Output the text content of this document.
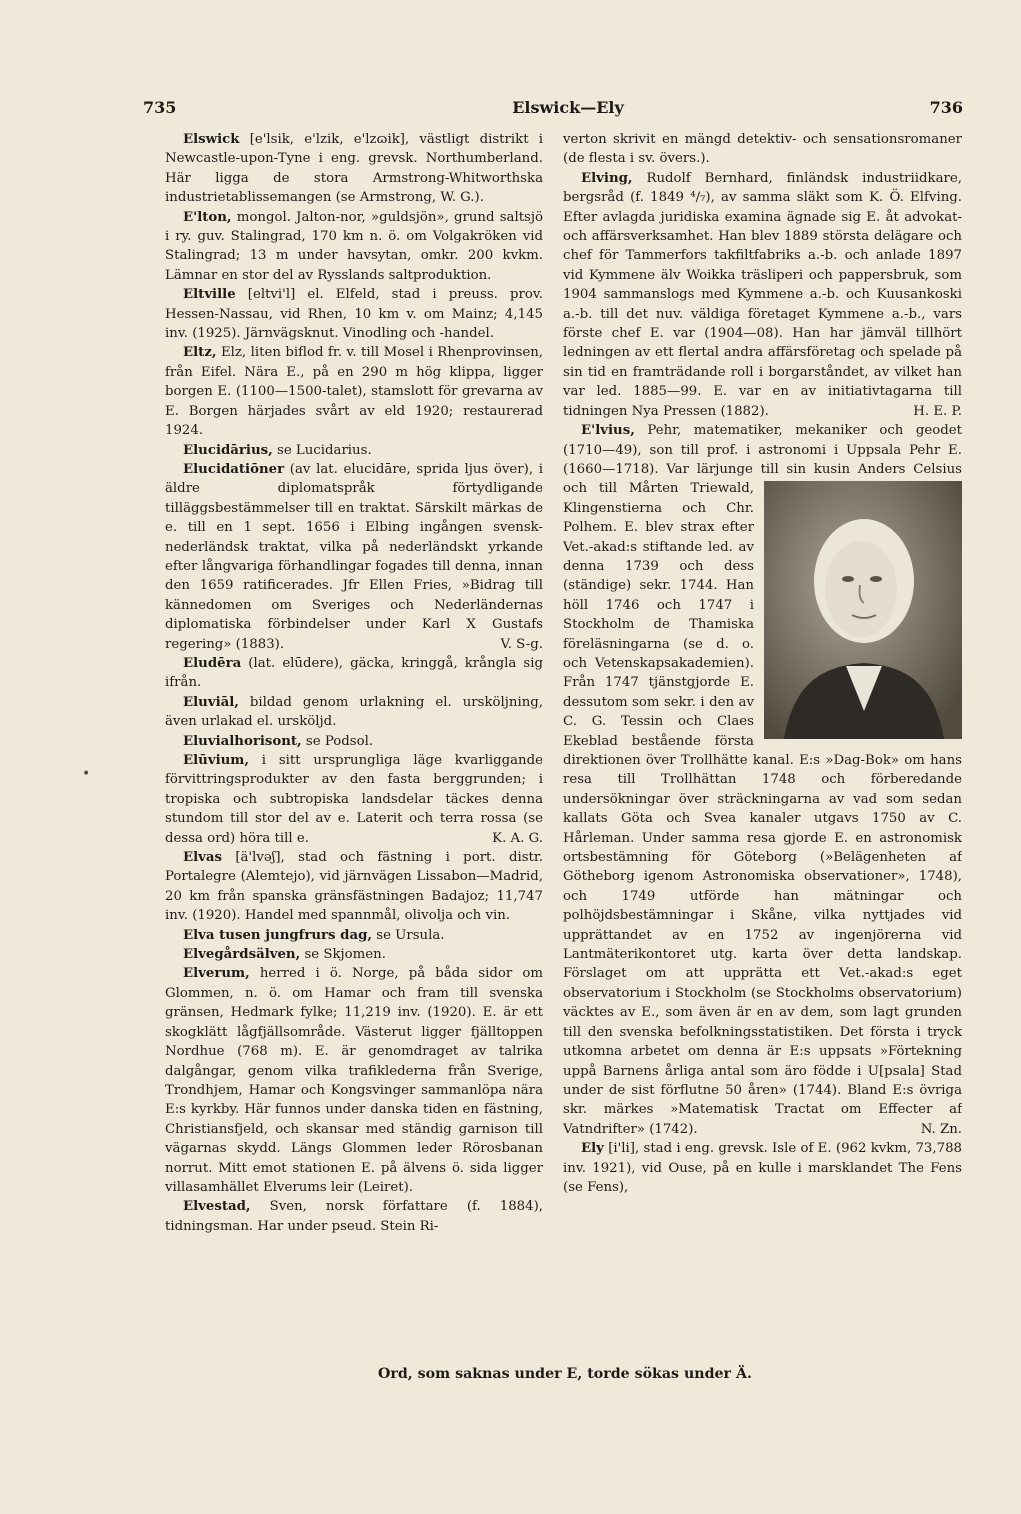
735	Elswick—Ely	736
•

Elswick [e'lsik, e'lzik, e'lzɷik], västligt distrikt i Newcastle-upon-Tyne i eng. grevsk. Northumberland. Här ligga de stora Armstrong-Whitworthska industrietablissemangen (se Armstrong, W. G.).

E'lton, mongol. Jalton-nor, »guldsjön», grund saltsjö i ry. guv. Stalingrad, 170 km n. ö. om Volgakröken vid Stalingrad; 13 m under havsytan, omkr. 200 kvkm. Lämnar en stor del av Rysslands saltproduktion.

Eltville [eltvi'l] el. Elfeld, stad i preuss. prov. Hessen-Nassau, vid Rhen, 10 km v. om Mainz; 4,145 inv. (1925). Järnvägsknut. Vinodling och -handel.

Eltz, Elz, liten biflod fr. v. till Mosel i Rhenprovinsen, från Eifel. Nära E., på en 290 m hög klippa, ligger borgen E. (1100—1500-talet), stamslott för grevarna av E. Borgen härjades svårt av eld 1920; restaurerad 1924.

Elucidārius, se Lucidarius.

Elucidatiōner (av lat. elucidāre, sprida ljus över), i äldre diplomatspråk förtydligande tilläggsbestämmelser till en traktat. Särskilt märkas de e. till en 1 sept. 1656 i Elbing ingången svensk-nederländsk traktat, vilka på nederländskt yrkande efter långvariga förhandlingar fogades till denna, innan den 1659 ratificerades. Jfr Ellen Fries, »Bidrag till kännedomen om Sveriges och Nederländernas diplomatiska förbindelser under Karl X Gustafs regering» (1883).	V. S-g.

Eludēra (lat. elūdere), gäcka, kringgå, krångla sig ifrån.

Eluviāl, bildad genom urlakning el. ursköljning, även urlakad el. ursköljd.

Eluvialhorisont, se Podsol.

Elūvium, i sitt ursprungliga läge kvarliggande förvittringsprodukter av den fasta berggrunden; i tropiska och subtropiska landsdelar täckes denna stundom till stor del av e. Laterit och terra rossa (se dessa ord) höra till e.	K. A. G.

Elvas [ä'lvəʃ], stad och fästning i port. distr. Portalegre (Alemtejo), vid järnvägen Lissabon—Madrid, 20 km från spanska gränsfästningen Badajoz; 11,747 inv. (1920). Handel med spannmål, olivolja och vin.

Elva tusen jungfrurs dag, se Ursula.

Elvegårdsälven, se Skjomen.

Elverum, herred i ö. Norge, på båda sidor om Glommen, n. ö. om Hamar och fram till svenska gränsen, Hedmark fylke; 11,219 inv. (1920). E. är ett skogklätt lågfjällsområde. Västerut ligger fjälltoppen Nordhue (768 m). E. är genomdraget av talrika dalgångar, genom vilka trafiklederna från Sverige, Trondhjem, Hamar och Kongsvinger sammanlöpa nära E:s kyrkby. Här funnos under danska tiden en fästning, Christiansfjeld, och skansar med ständig garnison till vägarnas skydd. Längs Glommen leder Rörosbanan norrut. Mitt emot stationen E. på älvens ö. sida ligger villasamhället Elverums leir (Leiret).

Elvestad, Sven, norsk författare (f. 1884), tidningsman. Har under pseud. Stein Ri-

verton skrivit en mängd detektiv- och sensationsromaner (de flesta i sv. övers.).

Elving, Rudolf Bernhard, finländsk industriidkare, bergsråd (f. 1849 ⁴/₇), av samma släkt som K. Ö. Elfving. Efter avlagda juridiska examina ägnade sig E. åt advokat- och affärsverksamhet. Han blev 1889 största delägare och chef för Tammerfors takfiltfabriks a.-b. och anlade 1897 vid Kymmene älv Woikka träsliperi och pappersbruk, som 1904 sammanslogs med Kymmene a.-b. och Kuusankoski a.-b. till det nuv. väldiga företaget Kymmene a.-b., vars förste chef E. var (1904—08). Han har jämväl tillhört ledningen av ett flertal andra affärsföretag och spelade på sin tid en framträdande roll i borgarståndet, av vilket han var led. 1885—99. E. var en av initiativtagarna till tidningen Nya Pressen (1882).	H. E. P.

E'lvius, Pehr, matematiker, mekaniker och geodet (1710—49), son till prof. i astronomi i Uppsala Pehr E. (1660—1718). Var lärjunge till sin kusin Anders Celsius och till Mårten Triewald,
Klingenstierna och Chr. Polhem. E. blev strax efter Vet.-akad:s stiftande led. av denna 1739 och dess (ständige) sekr. 1744. Han höll 1746 och 1747 i Stockholm de Thamiska föreläsningarna (se d. o. och Vetenskapsakademien). Från 1747 tjänstgjorde E. dessutom som sekr. i den av C. G. Tessin och Claes Ekeblad bestående första direktionen över Trollhätte kanal. E:s »Dag-Bok» om hans resa till Trollhättan 1748 och förberedande undersökningar över sträckningarna av vad som sedan kallats Göta och Svea kanaler utgavs 1750 av C. Hårleman. Under samma resa gjorde E. en astronomisk ortsbestämning för Göteborg (»Belägenheten af Götheborg igenom Astronomiska observationer», 1748), och 1749 utförde han mätningar och polhöjdsbestämningar i Skåne, vilka nyttjades vid upprättandet av en 1752 av ingenjörerna vid Lantmäterikontoret utg. karta över detta landskap. Förslaget om att upprätta ett Vet.-akad:s eget observatorium i Stockholm (se Stockholms observatorium) väcktes av E., som även är en av dem, som lagt grunden till den svenska befolkningsstatistiken. Det första i tryck utkomna arbetet om denna är E:s uppsats »Förtekning uppå Barnens årliga antal som äro födde i U[psala] Stad under de sist förflutne 50 åren» (1744). Bland E:s övriga skr. märkes »Matematisk Tractat om Effecter af Vatndrifter» (1742).	N. Zn.

Ely [i'li], stad i eng. grevsk. Isle of E. (962 kvkm, 73,788 inv. 1921), vid Ouse, på en kulle i marsklandet The Fens (se Fens),

Ord, som saknas under E, torde sökas under Ä.
